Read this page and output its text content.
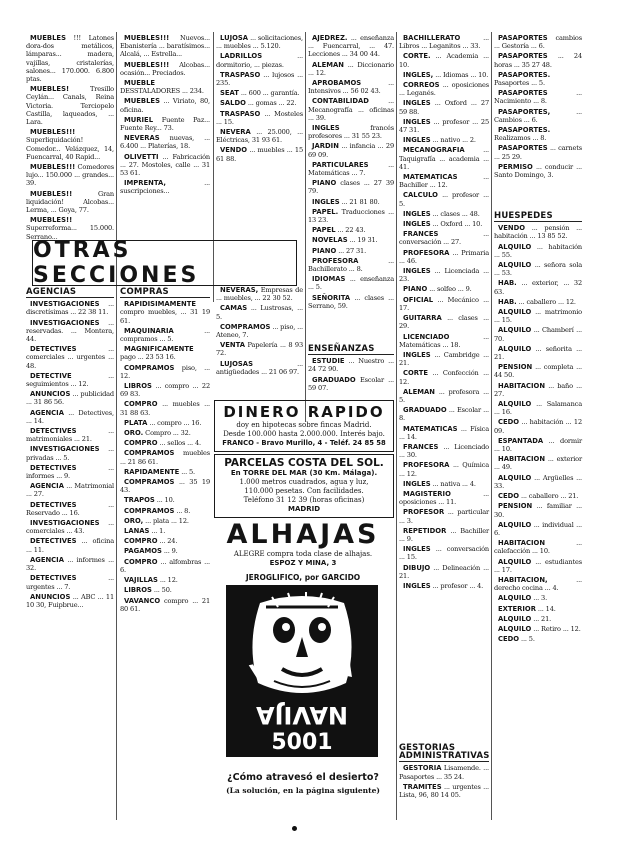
MUEBLES !!! Latones dora-dos metálicos, lámparas... madera, vajillas, cristalerías, salones... 170.000. 6.800 ptas.

MUEBLES! Tresillo Ceylán... Canals, Reina Victoria. Terciopelo Castilla, laqueados, ... Lara.

MUEBLES!!! Superliquidación! Comedor... Velázquez, 14, Fuencarral, 40 Rapid...

MUEBLES!!! Comedores lujo... 150.000 ... grandes... 39.

MUEBLES!! Gran liquidación! Alcobas... Lerma, ... Goya, 77.

MUEBLES!! Superreforma... 15.000. Serrano...

MUEBLES!!! Nuevos... Ebanistería ... baratísimos... Alcalá, ... Estrella...

MUEBLES!!! Alcobas... ocasión... Preciados.

MUEBLE DESSTALADORES ... 234.

MUEBLES ... Viriato, 80, oficina.

MURIEL Fuente Paz... Fuente Rey... 73.

NEVERAS nuevas, ... 6.400 ... Platerías, 18.

OLIVETTI ... Fabricación ... 27. Mostoles, calle ... 31 53 61.

IMPRENTA, ... suscripciones...

LUJOSA ... solicitaciones, ... muebles ... 5.120.

LADRILLOS ... dormitorio, ... piezas.

TRASPASO ... lujosos ... 235.

SEAT ... 600 ... garantía.

SALDO ... gomas ... 22.

TRASPASO ... Mosteles ... 15.

NEVERA ... 25.000, ... Eléctricas, 31 93 61.

VENDO ... muebles ... 15 61 88.

OTRAS SECCIONES

NEVERAS, Empresas de ... muebles, ... 22 30 52.

CAMAS ... Lustrosas, ... 5.

COMPRAMOS ... piso, ... Ateneo, 7.

VENTA Papelería ... 8 93 72.

LUJOSAS ... antigüedades ... 21 06 97.

AJEDREZ. ... enseñanza ... Fuencarral, ... 47. Lecciones ... 34 00 44.

ALEMAN ... Diccionario ... 12.

APROBAMOS ... Intensivos ... 56 02 43.

CONTABILIDAD ... Mecanografía ... oficinas ... 39.

INGLES francés profesores ... 31 55 23.

JARDIN ... infancia ... 29 69 09.

PARTICULARES ... Matemáticas ... 7.

PIANO clases ... 27 39 79.

INGLES ... 21 81 80.

PAPEL. Traducciones ... 13 23.

PAPEL ... 22 43.

NOVELAS ... 19 31.

PIANO ... 27 31.

PROFESORA ... Bachillerato ... 8.

IDIOMAS ... enseñanza ... 5.

SEÑORITA ... clases ... Serrano, 59.

ENSEÑANZAS

ESTUDIE ... Nuestro ... 24 72 90.

GRADUADO Escolar ... 59 07.

AGENCIAS

INVESTIGACIONES ... discretísimas ... 22 38 11.

INVESTIGACIONES ... reservadas. ... Montera, 44.

DETECTIVES ... comerciales ... urgentes ... 48.

DETECTIVE ... seguimientos ... 12.

ANUNCIOS ... publicidad ... 31 86 56.

AGENCIA ... Detectives, ... 14.

DETECTIVES ... matrimoniales ... 21.

INVESTIGACIONES ... privadas ... 5.

DETECTIVES ... informes ... 9.

AGENCIA ... Matrimonial ... 27.

DETECTIVES ... Reservado ... 16.

INVESTIGACIONES ... comerciales ... 43.

DETECTIVES ... oficina ... 11.

AGENCIA ... informes ... 32.

DETECTIVES ... urgentes ... 7.

ANUNCIOS ... ABC ... 11 10 30, Fuipbrue...

COMPRAS

RAPIDISIMAMENTE compro muebles, ... 31 19 61.

MAQUINARIA ... compramos ... 5.

MAGNIFICAMENTE pago ... 23 53 16.

COMPRAMOS piso, ... 12.

LIBROS ... compro ... 22 69 83.

COMPRO ... muebles ... 31 88 63.

PLATA ... compro ... 16.

ORO. Compro ... 32.

COMPRO ... sellos ... 4.

COMPRAMOS muebles ... 21 86 61.

RAPIDAMENTE ... 5.

COMPRAMOS ... 35 19 43.

TRAPOS ... 10.

COMPRAMOS ... 8.

ORO, ... plata ... 12.

LANAS ... 1.

COMPRO ... 24.

PAGAMOS ... 9.

COMPRO ... alfombras ... 6.

VAJILLAS ... 12.

LIBROS ... 50.

VAVANCO compro ... 21 80 61.

BACHILLERATO ... Libros ... Leganitos ... 33.

CORTE. ... Academia ... 10.

INGLES, ... Idiomas ... 10.

CORREOS ... oposiciones ... Leganés.

INGLES ... Oxford ... 27 59 88.

INGLES ... profesor ... 25 47 31.

INGLES ... nativo ... 2.

MECANOGRAFIA ... Taquigrafía ... academia ... 41.

MATEMATICAS ... Bachiller ... 12.

CALCULO ... profesor ... 5.

INGLES ... clases ... 48.

INGLES ... Oxford ... 10.

FRANCES ... conversación ... 27.

PROFESORA ... Primaria ... 46.

INGLES ... Licenciada ... 23.

PIANO ... solfeo ... 9.

OFICIAL ... Mecánico ... 17.

GUITARRA ... clases ... 29.

LICENCIADO ... Matemáticas ... 18.

INGLES ... Cambridge ... 21.

CORTE ... Confección ... 12.

ALEMAN ... profesora ... 5.

GRADUADO ... Escolar ... 8.

MATEMATICAS ... Física ... 14.

FRANCES ... Licenciado ... 30.

PROFESORA ... Química ... 12.

INGLES ... nativa ... 4.

MAGISTERIO ... oposiciones ... 11.

PROFESOR ... particular ... 3.

REPETIDOR ... Bachiller ... 9.

INGLES ... conversación ... 15.

DIBUJO ... Delineación ... 21.

INGLES ... profesor ... 4.

GESTORIAS ADMINISTRATIVAS

GESTORIA Lisamende. ... Pasaportes ... 35 24.

TRAMITES ... urgentes ... Lista, 96, 80 14 05.

PASAPORTES cambios ... Gestoría ... 6.

PASAPORTES ... 24 horas ... 35 27 48.

PASAPORTES. Pasaportes ... 5.

PASAPORTES ... Nacimiento ... 8.

PASAPORTES, ... Cambios ... 6.

PASAPORTES. Realizamos ... 8.

PASAPORTES ... carnets ... 25 29.

PERMISO ... conducir ... Santo Domingo, 3.

HUESPEDES

VENDO ... pensión ... habitación ... 13 85 52.

ALQUILO ... habitación ... 55.

ALQUILO ... señora sola ... 53.

HAB. ... exterior, ... 32 63.

HAB. ... caballero ... 12.

ALQUILO ... matrimonio ... 15.

ALQUILO ... Chamberí ... 70.

ALQUILO ... señorita ... 21.

PENSION ... completa ... 44 50.

HABITACION ... baño ... 27.

ALQUILO ... Salamanca ... 16.

CEDO ... habitación ... 12 09.

ESPANTADA ... dormir ... 10.

HABITACION ... exterior ... 49.

ALQUILO ... Argüelles ... 33.

CEDO ... caballero ... 21.

PENSION ... familiar ... 30.

ALQUILO ... individual ... 6.

HABITACION ... calefacción ... 10.

ALQUILO ... estudiantes ... 17.

HABITACION, ... derecho cocina ... 4.

ALQUILO ... 3.

EXTERIOR ... 14.

ALQUILO ... 21.

ALQUILO ... Retiro ... 12.

CEDO ... 5.

DINERO RAPIDO
doy en hipotecas sobre fincas Madrid.
Desde 100.000 hasta 2.000.000. Interés bajo.
FRANCO - Bravo Murillo, 4 - Teléf. 24 85 58
PARCELAS COSTA DEL SOL.
En TORRE DEL MAR (30 Km. Málaga).
1.000 metros cuadrados, agua y luz,
110.000 pesetas. Con facilidades.
Teléfono 31 12 39 (horas oficinas)
MADRID
ALHAJAS
ALEGRE compra toda clase de alhajas.
ESPOZ Y MINA, 3
JEROGLIFICO, por GARCIDO
V	A
NAVIJA
5001
¿Cómo atravesó el desierto?
(La solución, en la página siguiente)
